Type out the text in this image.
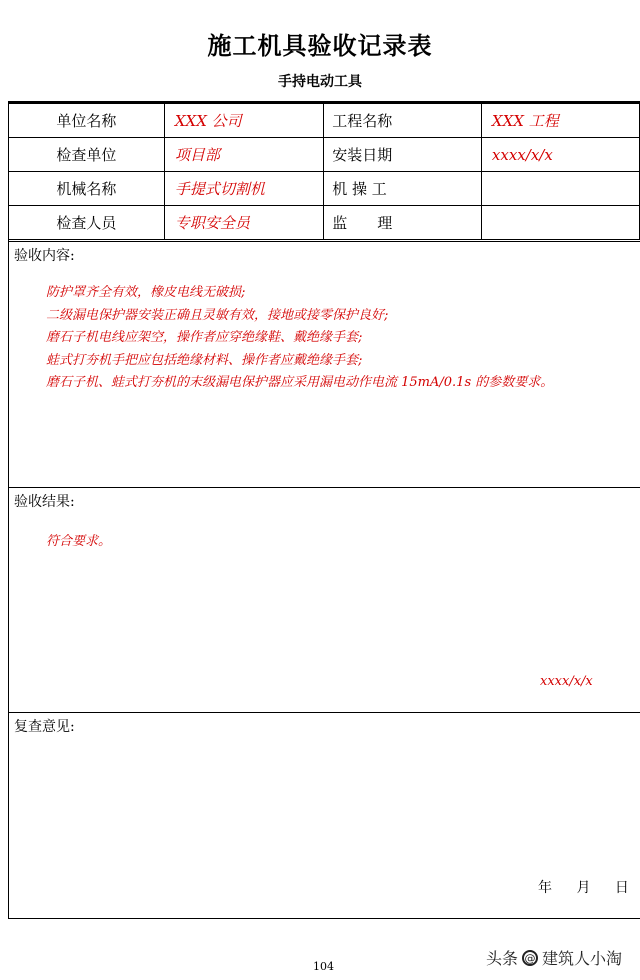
施工机具验收记录表
手持电动工具
单位名称	XXX 公司	工程名称	XXX 工程
检查单位	项目部	安装日期	xxxx/x/x
机械名称	手提式切割机	机 操 工	
检查人员	专职安全员	监　　理	
验收内容:
防护罩齐全有效，橡皮电线无破损;
二级漏电保护器安装正确且灵敏有效，接地或接零保护良好;
磨石子机电线应架空，操作者应穿绝缘鞋、戴绝缘手套;
蛙式打夯机手把应包括绝缘材料、操作者应戴绝缘手套;
磨石子机、蛙式打夯机的末级漏电保护器应采用漏电动作电流 15mA/0.1s 的参数要求。
验收结果:
符合要求。
xxxx/x/x
复查意见:
年 月 日
104	头条 @ 建筑人小淘
